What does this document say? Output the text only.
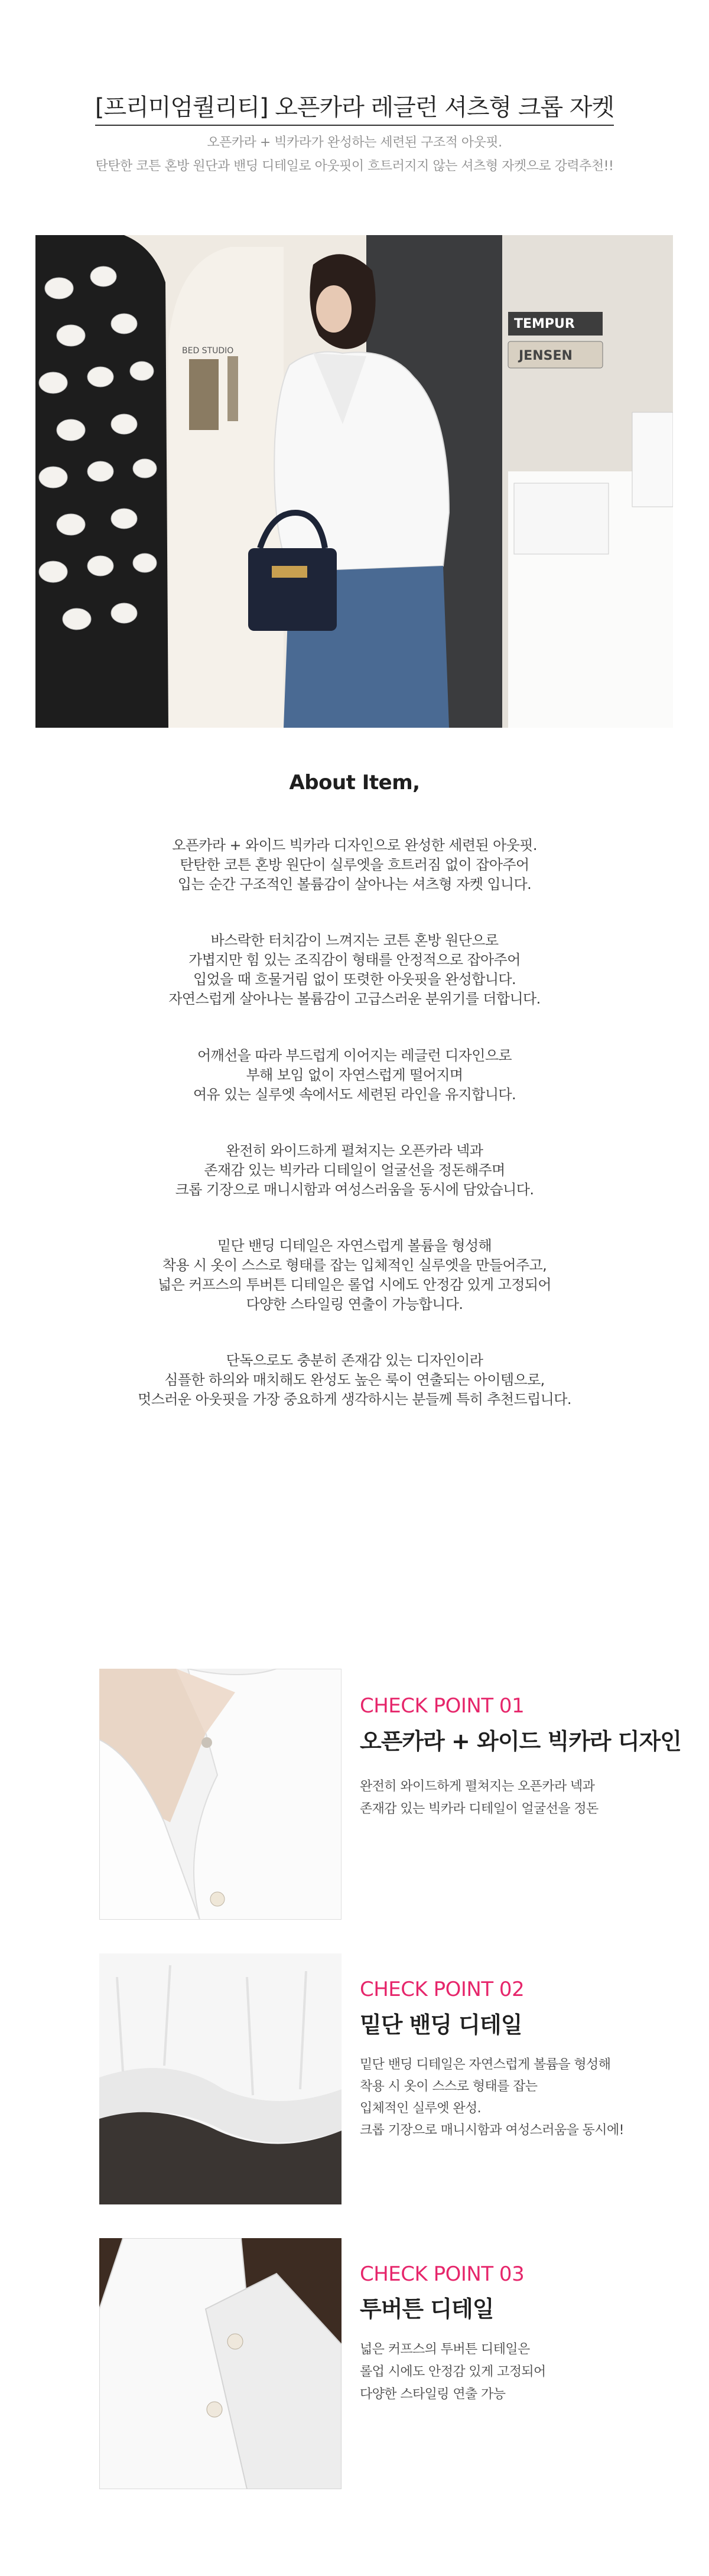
[프리미엄퀄리티] 오픈카라 레글런 셔츠형 크롭 자켓
오픈카라 + 빅카라가 완성하는 세련된 구조적 아웃핏.
탄탄한 코튼 혼방 원단과 밴딩 디테일로 아웃핏이 흐트러지지 않는 셔츠형 자켓으로 강력추천!!
BED STUDIO
TEMPUR
JENSEN
About Item,
오픈카라 + 와이드 빅카라 디자인으로 완성한 세련된 아웃핏.
탄탄한 코튼 혼방 원단이 실루엣을 흐트러짐 없이 잡아주어
입는 순간 구조적인 볼륨감이 살아나는 셔츠형 자켓 입니다.
바스락한 터치감이 느껴지는 코튼 혼방 원단으로
가볍지만 힘 있는 조직감이 형태를 안정적으로 잡아주어
입었을 때 흐물거림 없이 또렷한 아웃핏을 완성합니다.
자연스럽게 살아나는 볼륨감이 고급스러운 분위기를 더합니다.
어깨선을 따라 부드럽게 이어지는 레글런 디자인으로
부해 보임 없이 자연스럽게 떨어지며
여유 있는 실루엣 속에서도 세련된 라인을 유지합니다.
완전히 와이드하게 펼쳐지는 오픈카라 넥과
존재감 있는 빅카라 디테일이 얼굴선을 정돈해주며
크롭 기장으로 매니시함과 여성스러움을 동시에 담았습니다.
밑단 밴딩 디테일은 자연스럽게 볼륨을 형성해
착용 시 옷이 스스로 형태를 잡는 입체적인 실루엣을 만들어주고,
넓은 커프스의 투버튼 디테일은 롤업 시에도 안정감 있게 고정되어
다양한 스타일링 연출이 가능합니다.
단독으로도 충분히 존재감 있는 디자인이라
심플한 하의와 매치해도 완성도 높은 룩이 연출되는 아이템으로,
멋스러운 아웃핏을 가장 중요하게 생각하시는 분들께 특히 추천드립니다.
CHECK POINT 01
오픈카라 + 와이드 빅카라 디자인
완전히 와이드하게 펼쳐지는 오픈카라 넥과
존재감 있는 빅카라 디테일이 얼굴선을 정돈
CHECK POINT 02
밑단 밴딩 디테일
밑단 밴딩 디테일은 자연스럽게 볼륨을 형성해
착용 시 옷이 스스로 형태를 잡는
입체적인 실루엣 완성.
크롭 기장으로 매니시함과 여성스러움을 동시에!
CHECK POINT 03
투버튼 디테일
넓은 커프스의 투버튼 디테일은
롤업 시에도 안정감 있게 고정되어
다양한 스타일링 연출 가능
